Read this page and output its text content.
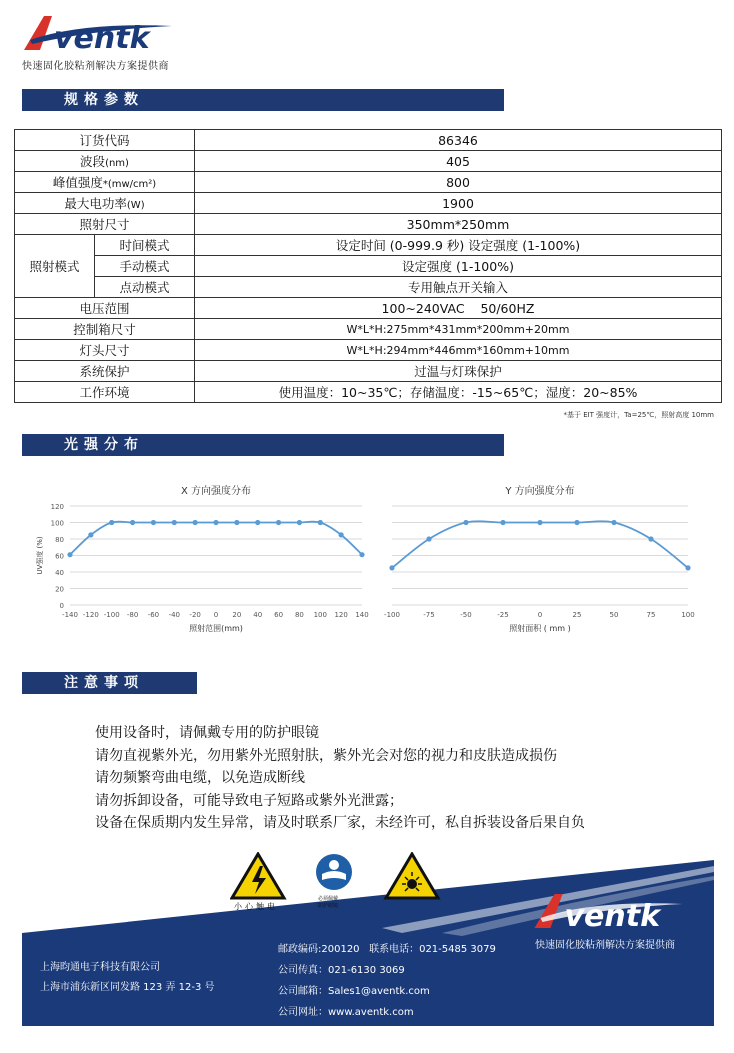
ventk
快速固化胶粘剂解决方案提供商
规格参数
订货代码		86346
波段(nm)		405
峰值强度*(mw/cm²)		800
最大电功率(W)		1900
照射尺寸		350mm*250mm
照射模式	时间模式	设定时间 (0-999.9 秒) 设定强度 (1-100%)
	手动模式	设定强度 (1-100%)
	点动模式	专用触点开关输入
电压范围		100~240VAC    50/60HZ
控制箱尺寸		W*L*H:275mm*431mm*200mm+20mm
灯头尺寸		W*L*H:294mm*446mm*160mm+10mm
系统保护		过温与灯珠保护
工作环境		使用温度：10~35℃；存储温度：-15~65℃；湿度：20~85%
*基于 EIT 强度计，Ta=25℃，照射高度 10mm
光强分布
X 方向强度分布
0
20
40
60
80
100
120
-140 -120 -100 -80 -60 -40 -20 0 20 40 60 80 100 120 140
照射范围(mm)
UV强度 (%)
Y 方向强度分布
-100	-75	-50	-25	0	25	50	75	100
照射面积 ( mm )
注意事项
使用设备时，请佩戴专用的防护眼镜
请勿直视紫外光，勿用紫外光照射肤，紫外光会对您的视力和皮肤造成损伤
请勿频繁弯曲电缆，以免造成断线
请勿拆卸设备，可能导致电子短路或紫外光泄露；
设备在保质期内发生异常，请及时联系厂家，未经许可，私自拆装设备后果自负
小心触电
必须佩戴
防护眼镜	ventk
快速固化胶粘剂解决方案提供商
上海昀通电子科技有限公司
上海市浦东新区同发路 123 弄 12-3 号
邮政编码:200120   联系电话：021-5485 3079
公司传真：021-6130 3069
公司邮箱：Sales1@aventk.com
公司网址：www.aventk.com
